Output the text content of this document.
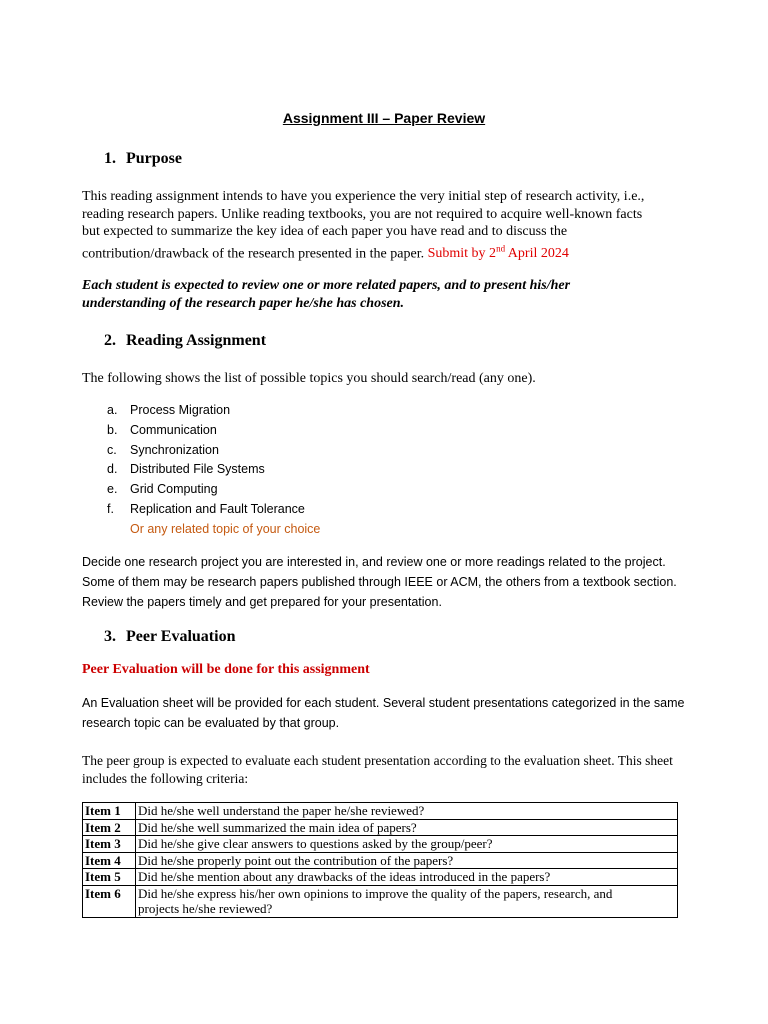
Assignment III – Paper Review
1. Purpose
This reading assignment intends to have you experience the very initial step of research activity, i.e.,
reading research papers. Unlike reading textbooks, you are not required to acquire well-known facts
but expected to summarize the key idea of each paper you have read and to discuss the
contribution/drawback of the research presented in the paper. Submit by 2nd April 2024
Each student is expected to review one or more related papers, and to present his/her
understanding of the research paper he/she has chosen.
2. Reading Assignment
The following shows the list of possible topics you should search/read (any one).
a. Process Migration
b. Communication
c. Synchronization
d. Distributed File Systems
e. Grid Computing
f. Replication and Fault Tolerance
Or any related topic of your choice
Decide one research project you are interested in, and review one or more readings related to the project.
Some of them may be research papers published through IEEE or ACM, the others from a textbook section.
Review the papers timely and get prepared for your presentation.
3. Peer Evaluation
Peer Evaluation will be done for this assignment
An Evaluation sheet will be provided for each student. Several student presentations categorized in the same
research topic can be evaluated by that group.
The peer group is expected to evaluate each student presentation according to the evaluation sheet. This sheet
includes the following criteria:
Item 1	Did he/she well understand the paper he/she reviewed?
Item 2	Did he/she well summarized the main idea of papers?
Item 3	Did he/she give clear answers to questions asked by the group/peer?
Item 4	Did he/she properly point out the contribution of the papers?
Item 5	Did he/she mention about any drawbacks of the ideas introduced in the papers?
Item 6	Did he/she express his/her own opinions to improve the quality of the papers, research, and
projects he/she reviewed?
